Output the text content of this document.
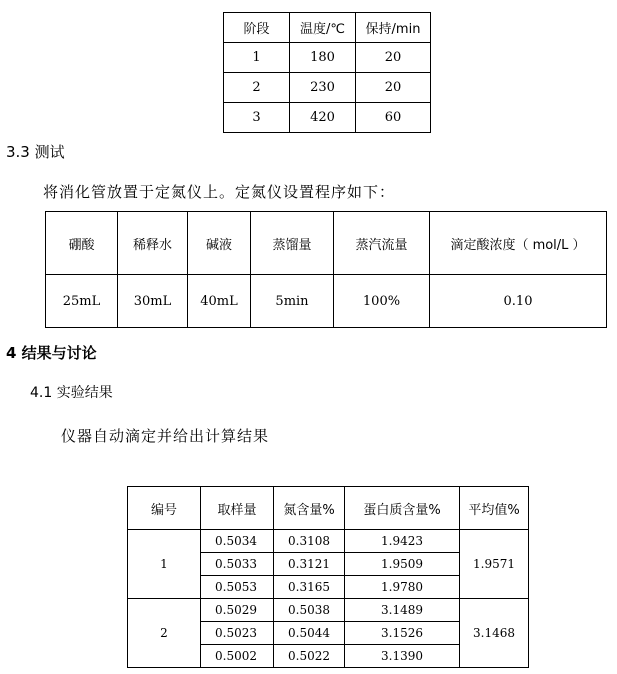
阶段	温度/℃	保持/min
1	180	20
2	230	20
3	420	60
3.3 测试
将消化管放置于定氮仪上。定氮仪设置程序如下：
硼酸	稀释水	碱液	蒸馏量	蒸汽流量	滴定酸浓度（ mol/L ）
25mL	30mL	40mL	5min	100%	0.10
4 结果与讨论
4.1 实验结果
仪器自动滴定并给出计算结果
编号	取样量	氮含量%	蛋白质含量%	平均值%
1	0.5034	0.3108	1.9423	1.9571
	0.5033	0.3121	1.9509	
	0.5053	0.3165	1.9780	
2	0.5029	0.5038	3.1489	3.1468
	0.5023	0.5044	3.1526	
	0.5002	0.5022	3.1390	
